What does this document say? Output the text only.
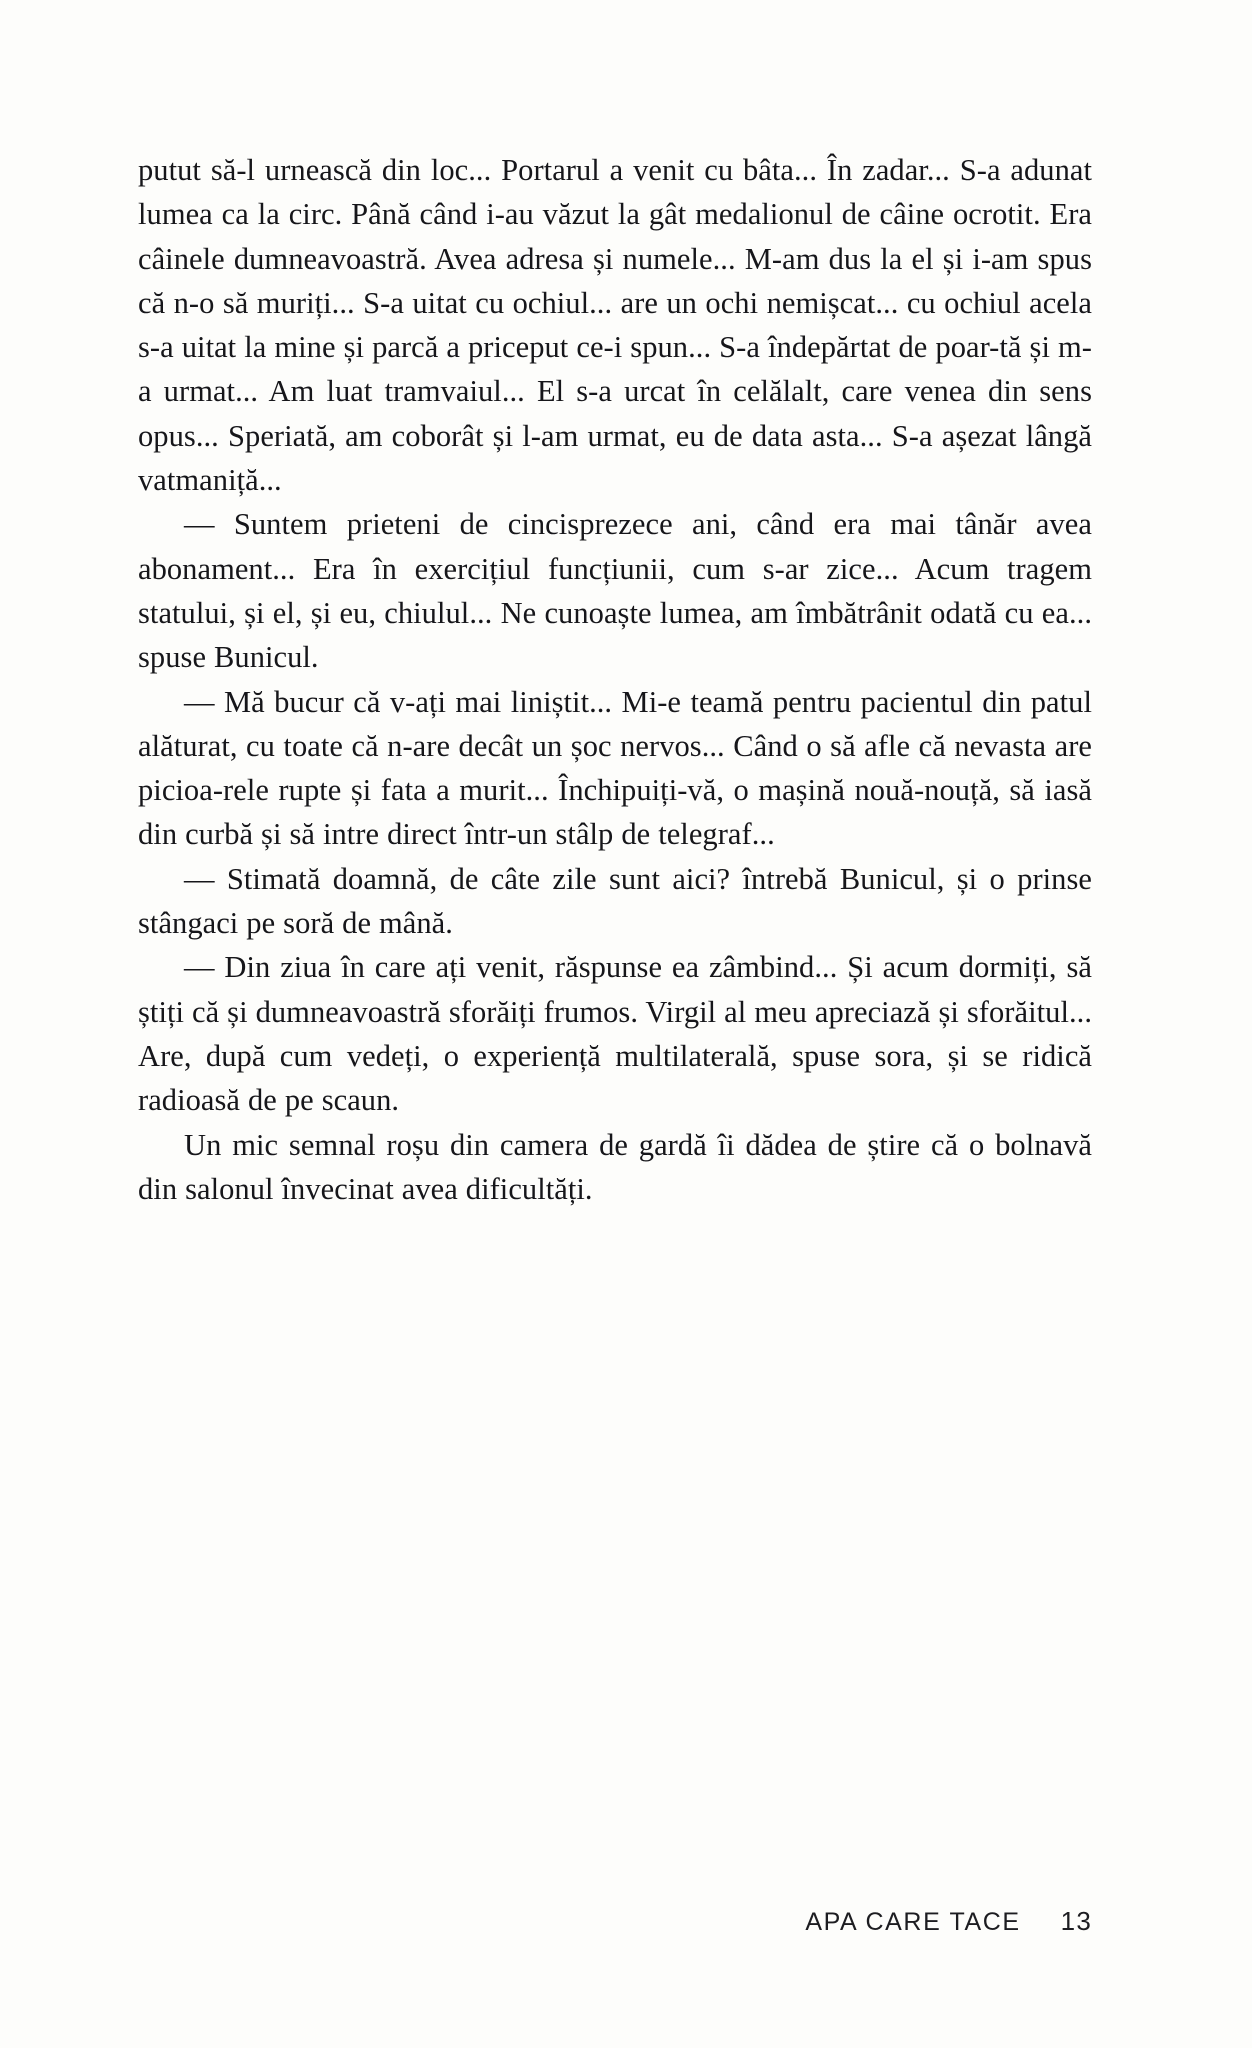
putut să-l urnească din loc... Portarul a venit cu bâta... În zadar... S-a adunat lumea ca la circ. Până când i-au văzut la gât medalionul de câine ocrotit. Era câinele dumneavoastră. Avea adresa și numele... M-am dus la el și i-am spus că n-o să muriți... S-a uitat cu ochiul... are un ochi nemișcat... cu ochiul acela s-a uitat la mine și parcă a priceput ce-i spun... S-a îndepărtat de poar-tă și m-a urmat... Am luat tramvaiul... El s-a urcat în celălalt, care venea din sens opus... Speriată, am coborât și l-am urmat, eu de data asta... S-a așezat lângă vatmaniță...

— Suntem prieteni de cincisprezece ani, când era mai tânăr avea abonament... Era în exercițiul funcțiunii, cum s-ar zice... Acum tragem statului, și el, și eu, chiulul... Ne cunoaște lumea, am îmbătrânit odată cu ea... spuse Bunicul.

— Mă bucur că v-ați mai liniștit... Mi-e teamă pentru pacientul din patul alăturat, cu toate că n-are decât un șoc nervos... Când o să afle că nevasta are picioa-rele rupte și fata a murit... Închipuiți-vă, o mașină nouă-nouță, să iasă din curbă și să intre direct într-un stâlp de telegraf...

— Stimată doamnă, de câte zile sunt aici? întrebă Bunicul, și o prinse stângaci pe soră de mână.

— Din ziua în care ați venit, răspunse ea zâmbind... Și acum dormiți, să știți că și dumneavoastră sforăiți frumos. Virgil al meu apreciază și sforăitul... Are, după cum vedeți, o experiență multilaterală, spuse sora, și se ridică radioasă de pe scaun.

Un mic semnal roșu din camera de gardă îi dădea de știre că o bolnavă din salonul învecinat avea dificultăți.

APA CARE TACE 13
